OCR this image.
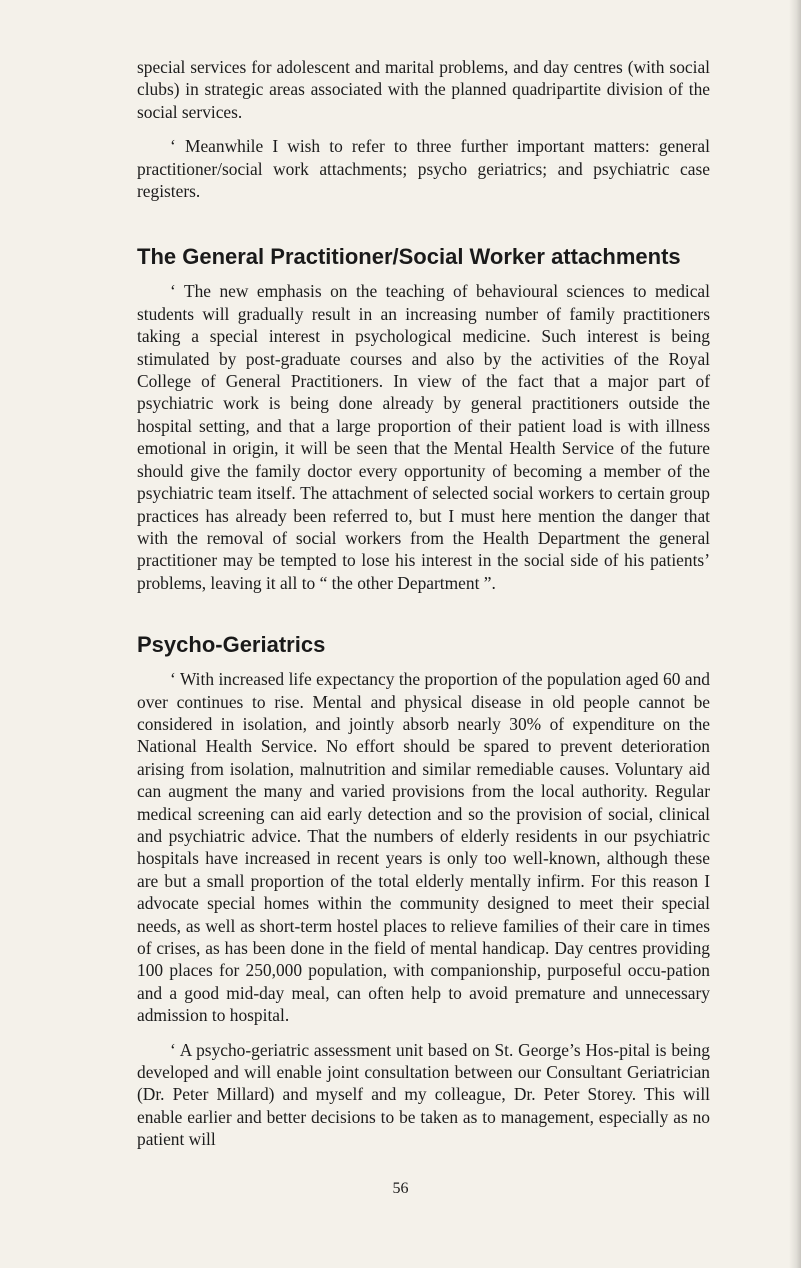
special services for adolescent and marital problems, and day centres (with social clubs) in strategic areas associated with the planned quadripartite division of the social services.

‘ Meanwhile I wish to refer to three further important matters: general practitioner/social work attachments; psycho geriatrics; and psychiatric case registers.

The General Practitioner/Social Worker attachments

‘ The new emphasis on the teaching of behavioural sciences to medical students will gradually result in an increasing number of family practitioners taking a special interest in psychological medicine. Such interest is being stimulated by post-graduate courses and also by the activities of the Royal College of General Practitioners. In view of the fact that a major part of psychiatric work is being done already by general practitioners outside the hospital setting, and that a large proportion of their patient load is with illness emotional in origin, it will be seen that the Mental Health Service of the future should give the family doctor every opportunity of becoming a member of the psychiatric team itself. The attachment of selected social workers to certain group practices has already been referred to, but I must here mention the danger that with the removal of social workers from the Health Department the general practitioner may be tempted to lose his interest in the social side of his patients’ problems, leaving it all to “ the other Department ”.

Psycho-Geriatrics

‘ With increased life expectancy the proportion of the population aged 60 and over continues to rise. Mental and physical disease in old people cannot be considered in isolation, and jointly absorb nearly 30% of expenditure on the National Health Service. No effort should be spared to prevent deterioration arising from isolation, malnutrition and similar remediable causes. Voluntary aid can augment the many and varied provisions from the local authority. Regular medical screening can aid early detection and so the provision of social, clinical and psychiatric advice. That the numbers of elderly residents in our psychiatric hospitals have increased in recent years is only too well-known, although these are but a small proportion of the total elderly mentally infirm. For this reason I advocate special homes within the community designed to meet their special needs, as well as short-term hostel places to relieve families of their care in times of crises, as has been done in the field of mental handicap. Day centres providing 100 places for 250,000 population, with companionship, purposeful occu-pation and a good mid-day meal, can often help to avoid premature and unnecessary admission to hospital.

‘ A psycho-geriatric assessment unit based on St. George’s Hos-pital is being developed and will enable joint consultation between our Consultant Geriatrician (Dr. Peter Millard) and myself and my colleague, Dr. Peter Storey. This will enable earlier and better decisions to be taken as to management, especially as no patient will

56
